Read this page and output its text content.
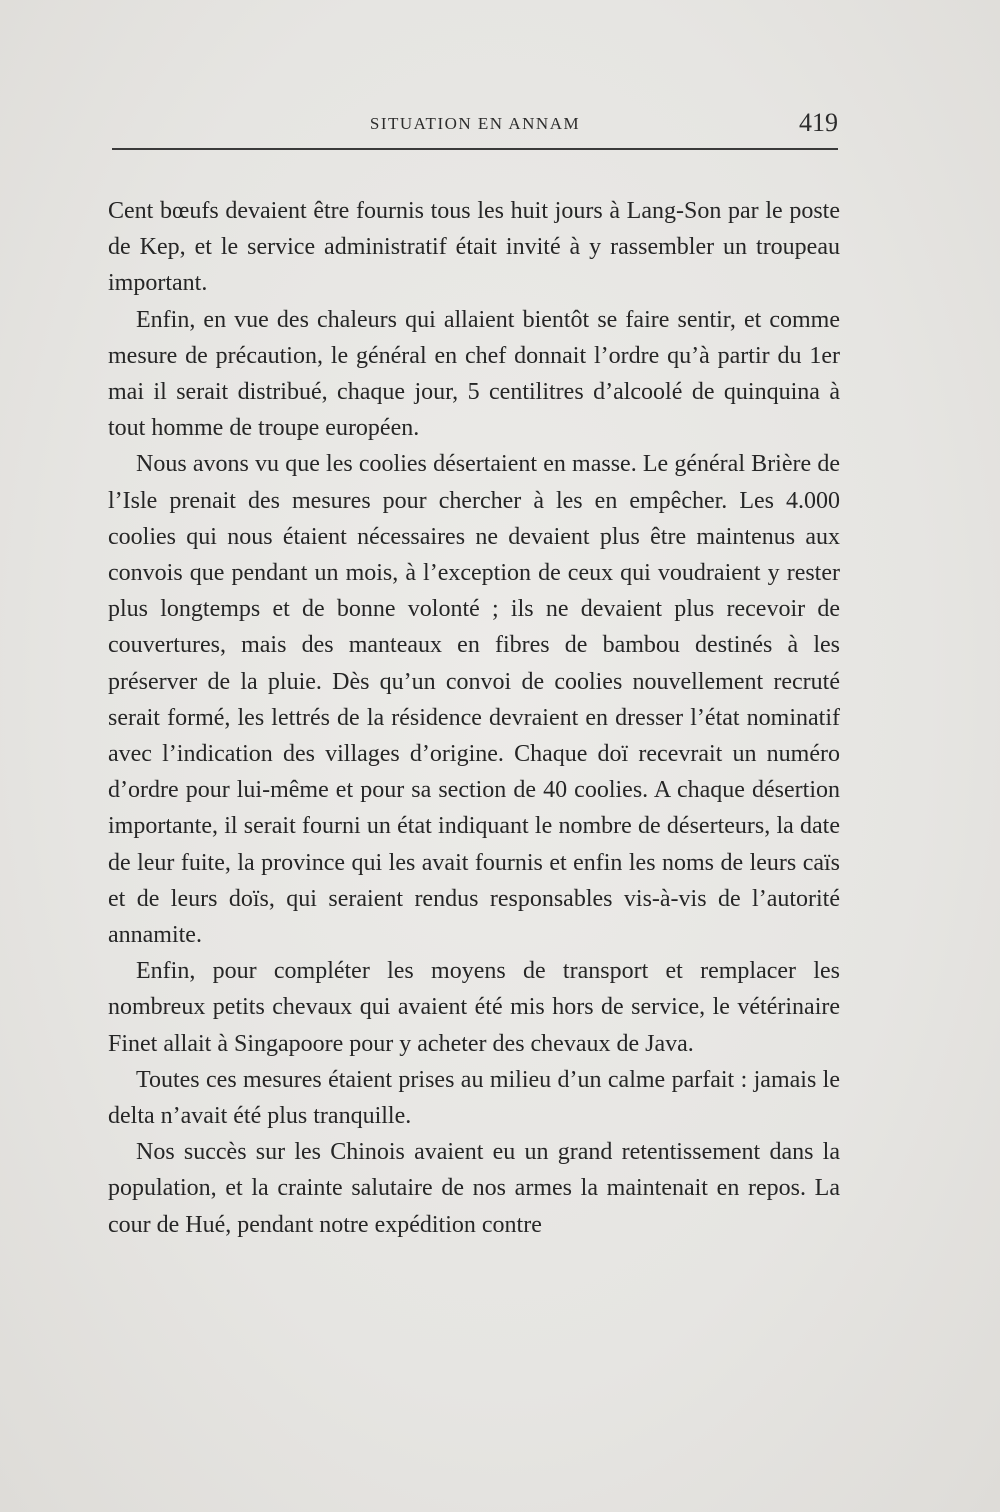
SITUATION EN ANNAM	419

Cent bœufs devaient être fournis tous les huit jours à Lang-Son par le poste de Kep, et le service administratif était invité à y rassembler un troupeau important.

Enfin, en vue des chaleurs qui allaient bientôt se faire sentir, et comme mesure de précaution, le général en chef donnait l’ordre qu’à partir du 1er mai il serait distribué, chaque jour, 5 centilitres d’alcoolé de quinquina à tout homme de troupe européen.

Nous avons vu que les coolies désertaient en masse. Le général Brière de l’Isle prenait des mesures pour chercher à les en empêcher. Les 4.000 coolies qui nous étaient nécessaires ne devaient plus être maintenus aux convois que pendant un mois, à l’exception de ceux qui voudraient y rester plus longtemps et de bonne volonté ; ils ne devaient plus recevoir de couvertures, mais des manteaux en fibres de bambou destinés à les préserver de la pluie. Dès qu’un convoi de coolies nouvellement recruté serait formé, les lettrés de la résidence devraient en dresser l’état nominatif avec l’indication des villages d’origine. Chaque doï recevrait un numéro d’ordre pour lui-même et pour sa section de 40 coolies. A chaque désertion importante, il serait fourni un état indiquant le nombre de déserteurs, la date de leur fuite, la province qui les avait fournis et enfin les noms de leurs caïs et de leurs doïs, qui seraient rendus responsables vis-à-vis de l’autorité annamite.

Enfin, pour compléter les moyens de transport et remplacer les nombreux petits chevaux qui avaient été mis hors de service, le vétérinaire Finet allait à Singapoore pour y acheter des chevaux de Java.

Toutes ces mesures étaient prises au milieu d’un calme parfait : jamais le delta n’avait été plus tranquille.

Nos succès sur les Chinois avaient eu un grand retentissement dans la population, et la crainte salutaire de nos armes la maintenait en repos. La cour de Hué, pendant notre expédition contre
